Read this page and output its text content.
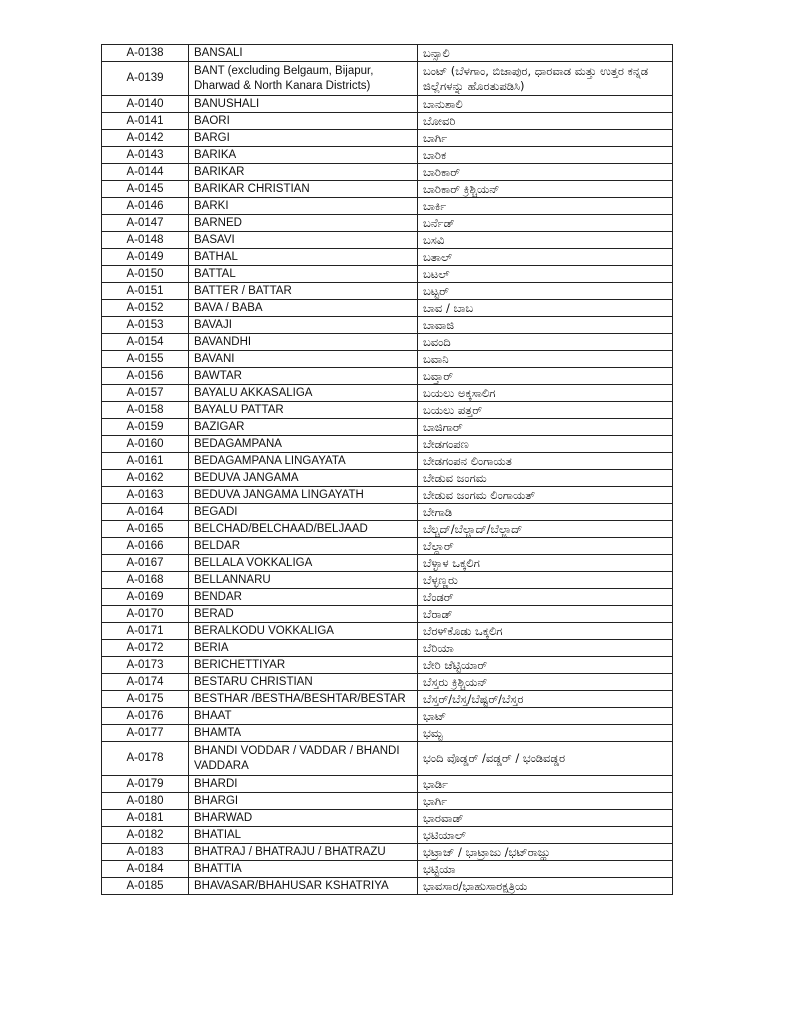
A-0138	BANSALI	ಬನ್ಸಾಲಿ
A-0139	BANT (excluding Belgaum, Bijapur, Dharwad & North Kanara Districts)	ಬಂಟ್ (ಬೆಳಗಾಂ, ಬಿಜಾಪುರ, ಧಾರವಾಡ ಮತ್ತು ಉತ್ತರ ಕನ್ನಡ ಜಿಲ್ಲೆಗಳನ್ನು ಹೊರತುಪಡಿಸಿ)
A-0140	BANUSHALI	ಬಾನುಶಾಲಿ
A-0141	BAORI	ಬೋವರಿ
A-0142	BARGI	ಬಾರ್ಗಿ
A-0143	BARIKA	ಬಾರಿಕ
A-0144	BARIKAR	ಬಾರಿಕಾರ್
A-0145	BARIKAR CHRISTIAN	ಬಾರಿಕಾರ್ ಕ್ರಿಶ್ಚಿಯನ್
A-0146	BARKI	ಬಾರ್ಕಿ
A-0147	BARNED	ಬರ್ನೆಡ್
A-0148	BASAVI	ಬಸವಿ
A-0149	BATHAL	ಬತಾಲ್
A-0150	BATTAL	ಬಟಲ್
A-0151	BATTER / BATTAR	ಬಟ್ಟರ್
A-0152	BAVA / BABA	ಬಾವ / ಬಾಬ
A-0153	BAVAJI	ಬಾವಾಜಿ
A-0154	BAVANDHI	ಬವಂದಿ
A-0155	BAVANI	ಬವಾನಿ
A-0156	BAWTAR	ಬವ್ತಾರ್
A-0157	BAYALU AKKASALIGA	ಬಯಲು ಅಕ್ಕಸಾಲಿಗ
A-0158	BAYALU PATTAR	ಬಯಲು ಪತ್ತರ್
A-0159	BAZIGAR	ಬಾಜಿಗಾರ್
A-0160	BEDAGAMPANA	ಬೇಡಗಂಪಣ
A-0161	BEDAGAMPANA LINGAYATA	ಬೇಡಗಂಪನ ಲಿಂಗಾಯತ
A-0162	BEDUVA JANGAMA	ಬೇಡುವ ಜಂಗಮ
A-0163	BEDUVA JANGAMA LINGAYATH	ಬೇಡುವ ಜಂಗಮ ಲಿಂಗಾಯತ್
A-0164	BEGADI	ಬೇಗಾಡಿ
A-0165	BELCHAD/BELCHAAD/BELJAAD	ಬೆಲ್ಚದ್/ಬೆಲ್ಚಾದ್/ಬೆಲ್ಜಾದ್
A-0166	BELDAR	ಬೆಲ್ದಾರ್
A-0167	BELLALA VOKKALIGA	ಬೆಳ್ಳಾಳ ಒಕ್ಕಲಿಗ
A-0168	BELLANNARU	ಬೆಳ್ಳಣ್ಣರು
A-0169	BENDAR	ಬೆಂಡರ್
A-0170	BERAD	ಬೆರಾಡ್
A-0171	BERALKODU VOKKALIGA	ಬೆರಳ್‌ಕೊಡು ಒಕ್ಕಲಿಗ
A-0172	BERIA	ಬೆರಿಯಾ
A-0173	BERICHETTIYAR	ಬೇರಿ ಚೆಟ್ಟಿಯಾರ್
A-0174	BESTARU CHRISTIAN	ಬೆಸ್ತರು ಕ್ರಿಶ್ಚಿಯನ್
A-0175	BESTHAR /BESTHA/BESHTAR/BESTAR	ಬೆಸ್ತರ್/ಬೆಸ್ತ/ಬೆಷ್ಟರ್/ಬೆಸ್ತರ
A-0176	BHAAT	ಭಾಟ್
A-0177	BHAMTA	ಭಮ್ಟ
A-0178	BHANDI VODDAR / VADDAR / BHANDI VADDARA	ಭಂದಿ ವೊಡ್ಡರ್ /ವಡ್ಡರ್ / ಭಂಡಿವಡ್ಡರ
A-0179	BHARDI	ಭಾರ್ಡಿ
A-0180	BHARGI	ಭಾರ್ಗಿ
A-0181	BHARWAD	ಭಾರವಾಡ್
A-0182	BHATIAL	ಭಟಿಯಾಲ್
A-0183	BHATRAJ / BHATRAJU / BHATRAZU	ಭಟ್ರಾಜ್ / ಭಾಟ್ರಾಜು /ಭಟ್‌ರಾಜ್ಹು
A-0184	BHATTIA	ಭಟ್ಟಿಯಾ
A-0185	BHAVASAR/BHAHUSAR KSHATRIYA	ಭಾವಸಾರ/ಭಾಹುಸಾರಕ್ಷತ್ರಿಯ
